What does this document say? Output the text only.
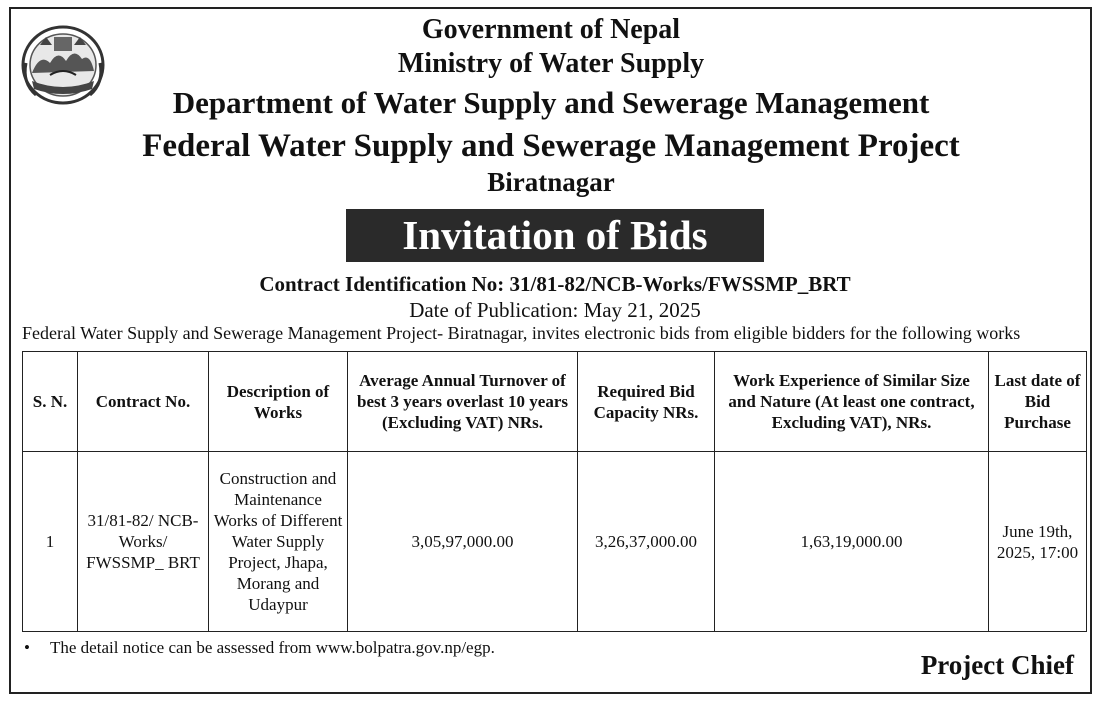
Government of Nepal
Ministry of Water Supply
Department of Water Supply and Sewerage Management
Federal Water Supply and Sewerage Management Project
Biratnagar
Invitation of Bids
Contract Identification No: 31/81-82/NCB-Works/FWSSMP_BRT
Date of Publication: May 21, 2025
Federal Water Supply and Sewerage Management Project- Biratnagar, invites electronic bids from eligible bidders for the following works
S. N.	Contract No.	Description of Works	Average Annual Turnover of best 3 years overlast 10 years (Excluding VAT) NRs.	Required Bid Capacity NRs.	Work Experience of Similar Size and Nature (At least one contract, Excluding VAT), NRs.	Last date of Bid Purchase
1	31/81-82/ NCB-Works/ FWSSMP_ BRT	Construction and Maintenance Works of Different Water Supply Project, Jhapa, Morang and Udaypur	3,05,97,000.00	3,26,37,000.00	1,63,19,000.00	June 19th, 2025, 17:00
• The detail notice can be assessed from www.bolpatra.gov.np/egp.
Project Chief
